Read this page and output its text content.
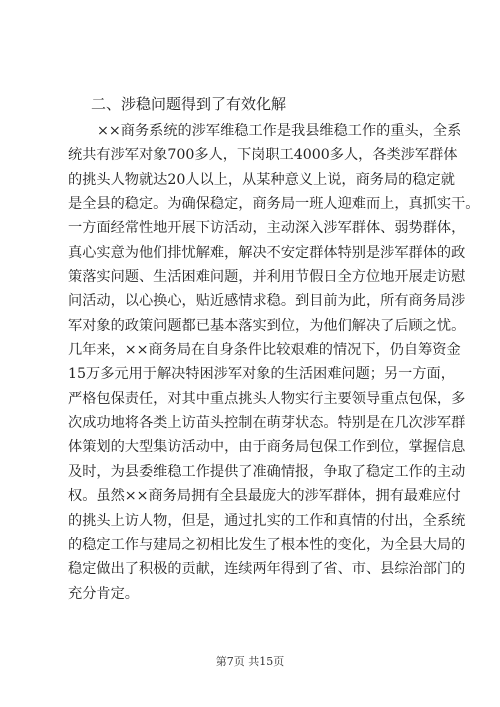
二、涉稳问题得到了有效化解
××商务系统的涉军维稳工作是我县维稳工作的重头，全系
统共有涉军对象700多人，下岗职工4000多人，各类涉军群体
的挑头人物就达20人以上，从某种意义上说，商务局的稳定就
是全县的稳定。为确保稳定，商务局一班人迎难而上，真抓实干。
一方面经常性地开展下访活动，主动深入涉军群体、弱势群体，
真心实意为他们排忧解难，解决不安定群体特别是涉军群体的政
策落实问题、生活困难问题，并利用节假日全方位地开展走访慰
问活动，以心换心，贴近感情求稳。到目前为此，所有商务局涉
军对象的政策问题都已基本落实到位，为他们解决了后顾之忧。
几年来，××商务局在自身条件比较艰难的情况下，仍自筹资金
15万多元用于解决特困涉军对象的生活困难问题；另一方面，
严格包保责任，对其中重点挑头人物实行主要领导重点包保，多
次成功地将各类上访苗头控制在萌芽状态。特别是在几次涉军群
体策划的大型集访活动中，由于商务局包保工作到位，掌握信息
及时，为县委维稳工作提供了准确情报，争取了稳定工作的主动
权。虽然××商务局拥有全县最庞大的涉军群体，拥有最难应付
的挑头上访人物，但是，通过扎实的工作和真情的付出，全系统
的稳定工作与建局之初相比发生了根本性的变化，为全县大局的
稳定做出了积极的贡献，连续两年得到了省、市、县综治部门的
充分肯定。
第7页 共15页
